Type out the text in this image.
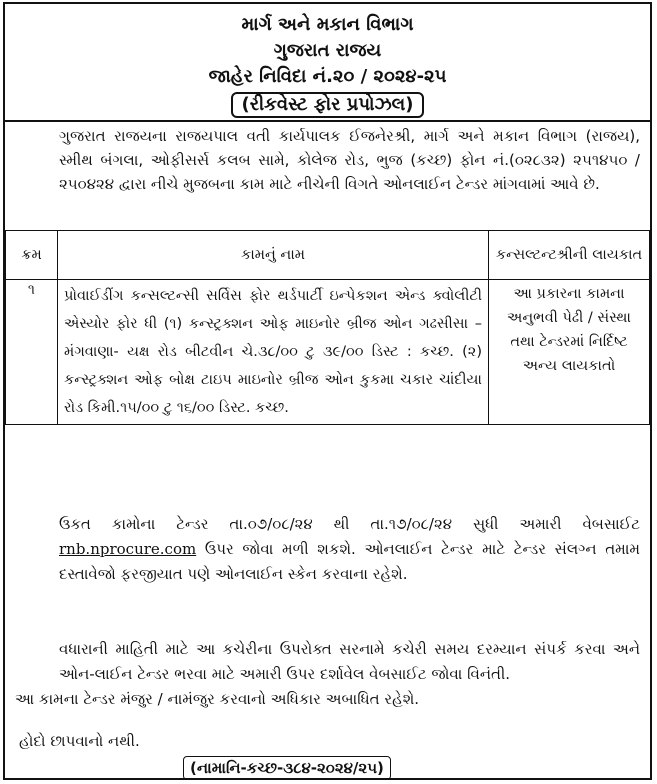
માર્ગ અને મકાન વિભાગ
ગુજરાત રાજય
જાહેર નિવિદા નં.૨૦ / ૨૦૨૪-૨૫
(રીકવેસ્ટ ફોર પ્રપોઝલ)
ગુજરાત રાજયના રાજયપાલ વતી કાર્યપાલક ઈજનેરશ્રી, માર્ગ અને મકાન વિભાગ (રાજય), સ્મીથ બંગલા, ઓફીસર્સ કલબ સામે, કોલેજ રોડ, ભુજ (કચ્છ) ફોન નં.(૦૨૮૩૨) ૨૫૧૪૫૦ / ૨૫૦૪૨૪ દ્વારા નીચે મુજબના કામ માટે નીચેની વિગતે ઓનલાઈન ટેન્ડર માંગવામાં આવે છે.
ક્રમ	કામનું નામ	કન્સલ્ટન્ટશ્રીની લાયકાત
૧	પ્રોવાઈડીંગ કન્સલ્ટન્સી સર્વિસ ફોર થર્ડપાર્ટી ઇન્પેકશન એન્ડ ક્વોલીટી એસ્યોર ફોર ધી (૧) કન્સ્ટ્રક્શન ઓફ માઇનોર બ્રીજ ઓન ગઢસીસા – મંગવાણા- યક્ષ રોડ બીટવીન ચે.૩૮/૦૦ ટુ ૩૯/૦૦ ડિસ્ટ : કચ્છ. (૨) કન્સ્ટ્રક્શન ઓફ બોક્ષ ટાઇપ માઇનોર બ્રીજ ઓન કુકમા ચકાર ચાંદીયા રોડ કિમી.૧૫/૦૦ ટુ ૧૬/૦૦ ડિસ્ટ. કચ્છ.	આ પ્રકારના કામના અનુભવી પેઢી / સંસ્થા તથા ટેન્ડરમાં નિર્દિષ્ટ અન્ય લાયકાતો
ઉકત કામોના ટેન્ડર તા.૦૭/૦૮/૨૪ થી તા.૧૭/૦૮/૨૪ સુધી અમારી વેબસાઈટ rnb.nprocure.com ઉપર જોવા મળી શકશે. ઓનલાઈન ટેન્ડર માટે ટેન્ડર સંલગ્ન તમામ દસ્તાવેજો ફરજીયાત પણે ઓનલાઈન સ્કેન કરવાના રહેશે.
વધારાની માહિતી માટે આ કચેરીના ઉપરોક્ત સરનામે કચેરી સમય દરમ્યાન સંપર્ક કરવા અને ઓન-લાઈન ટેન્ડર ભરવા માટે અમારી ઉપર દર્શાવેલ વેબસાઈટ જોવા વિનંતી.
આ કામના ટેન્ડર મંજુર / નામંજુર કરવાનો અધિકાર અબાધિત રહેશે.
હોદો છાપવાનો નથી.
(નામાનિ-કચ્છ-૩૮૪-૨૦૨૪/૨૫)
